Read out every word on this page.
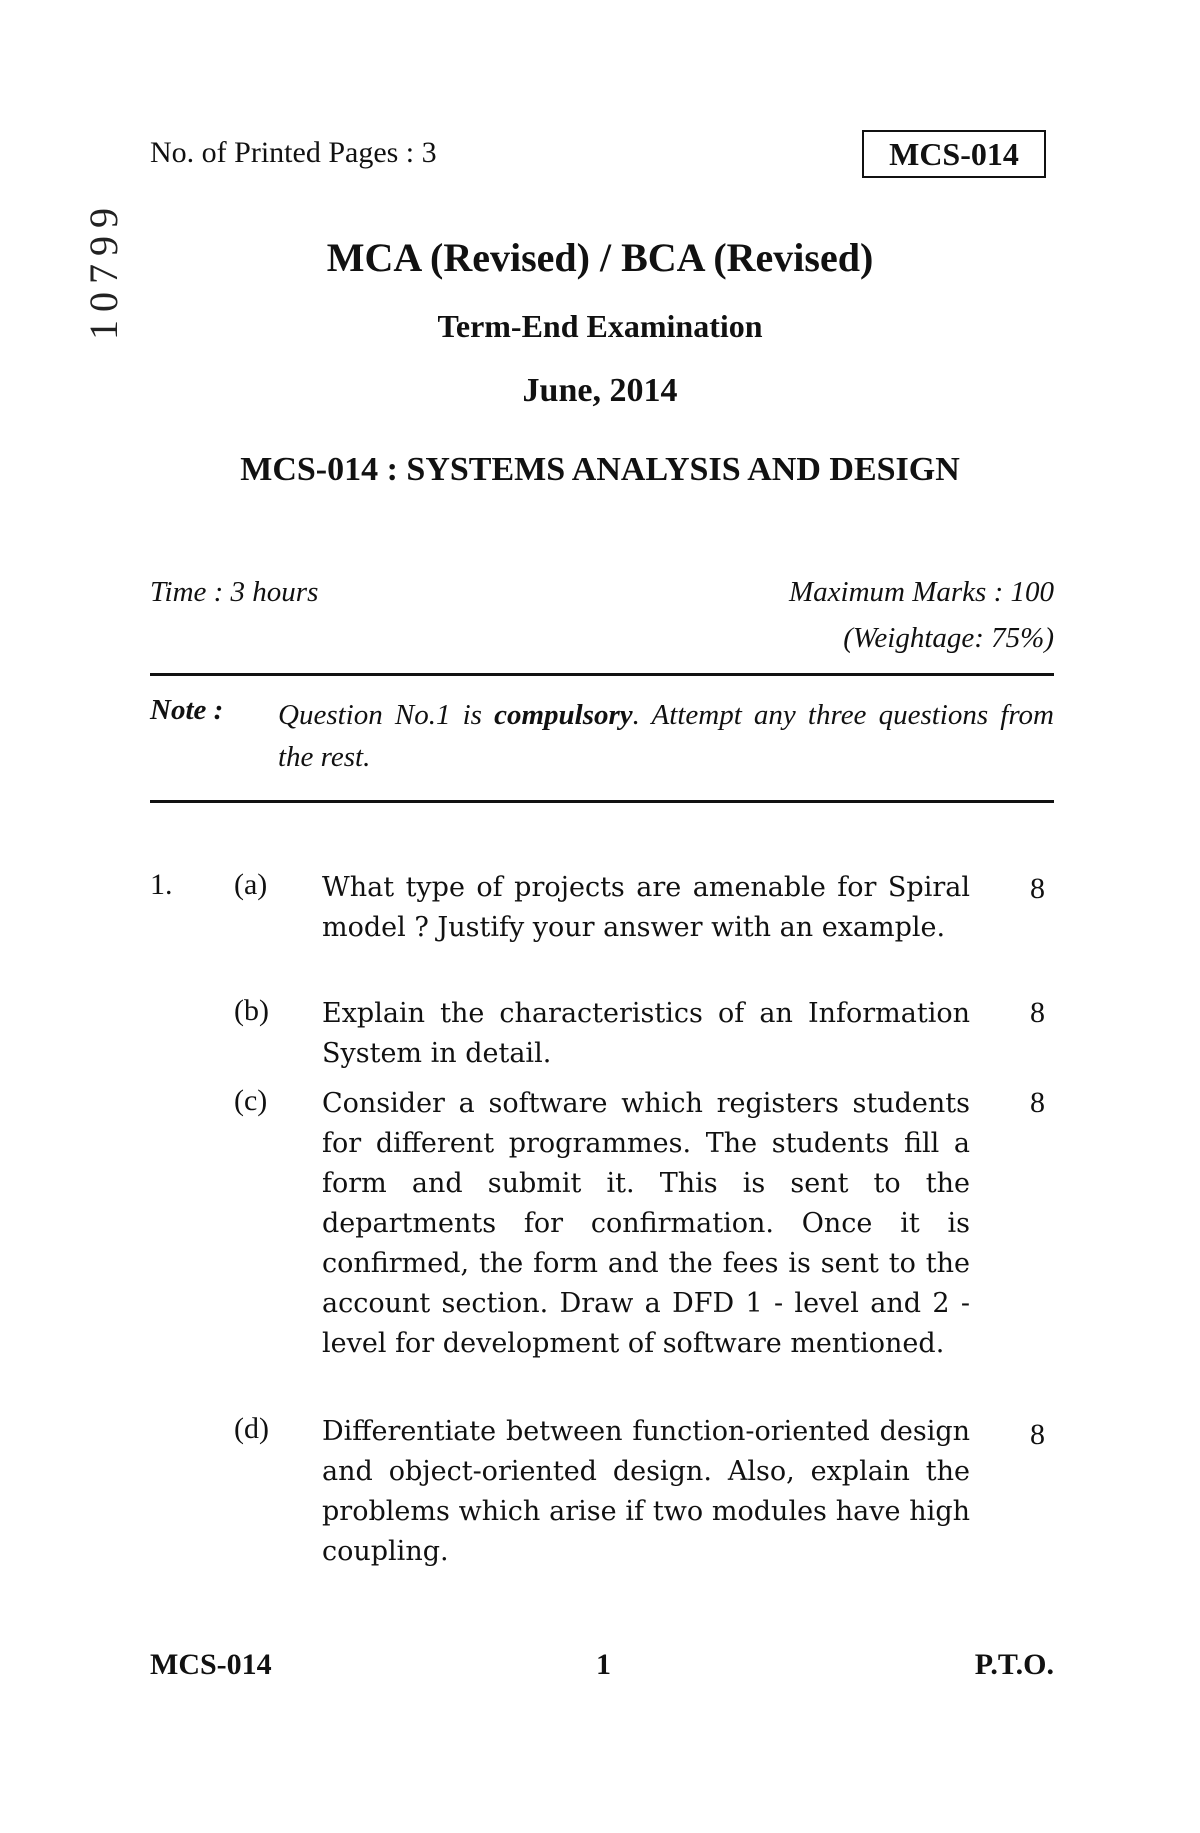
No. of Printed Pages : 3	MCS-014
10799	MCA (Revised) / BCA (Revised)
Term-End Examination
June, 2014
MCS-014 : SYSTEMS ANALYSIS AND DESIGN
Time : 3 hours	Maximum Marks : 100
(Weightage: 75%)
Note : Question No.1 is compulsory. Attempt any three questions from the rest.
1. (a) What type of projects are amenable for Spiral model ? Justify your answer with an example.
8
(b) Explain the characteristics of an Information System in detail.
8
(c) Consider a software which registers students for different programmes. The students fill a form and submit it. This is sent to the departments for confirmation. Once it is confirmed, the form and the fees is sent to the account section. Draw a DFD 1 - level and 2 - level for development of software mentioned.
8
(d) Differentiate between function-oriented design and object-oriented design. Also, explain the problems which arise if two modules have high coupling.
8
MCS-014	1	P.T.O.
